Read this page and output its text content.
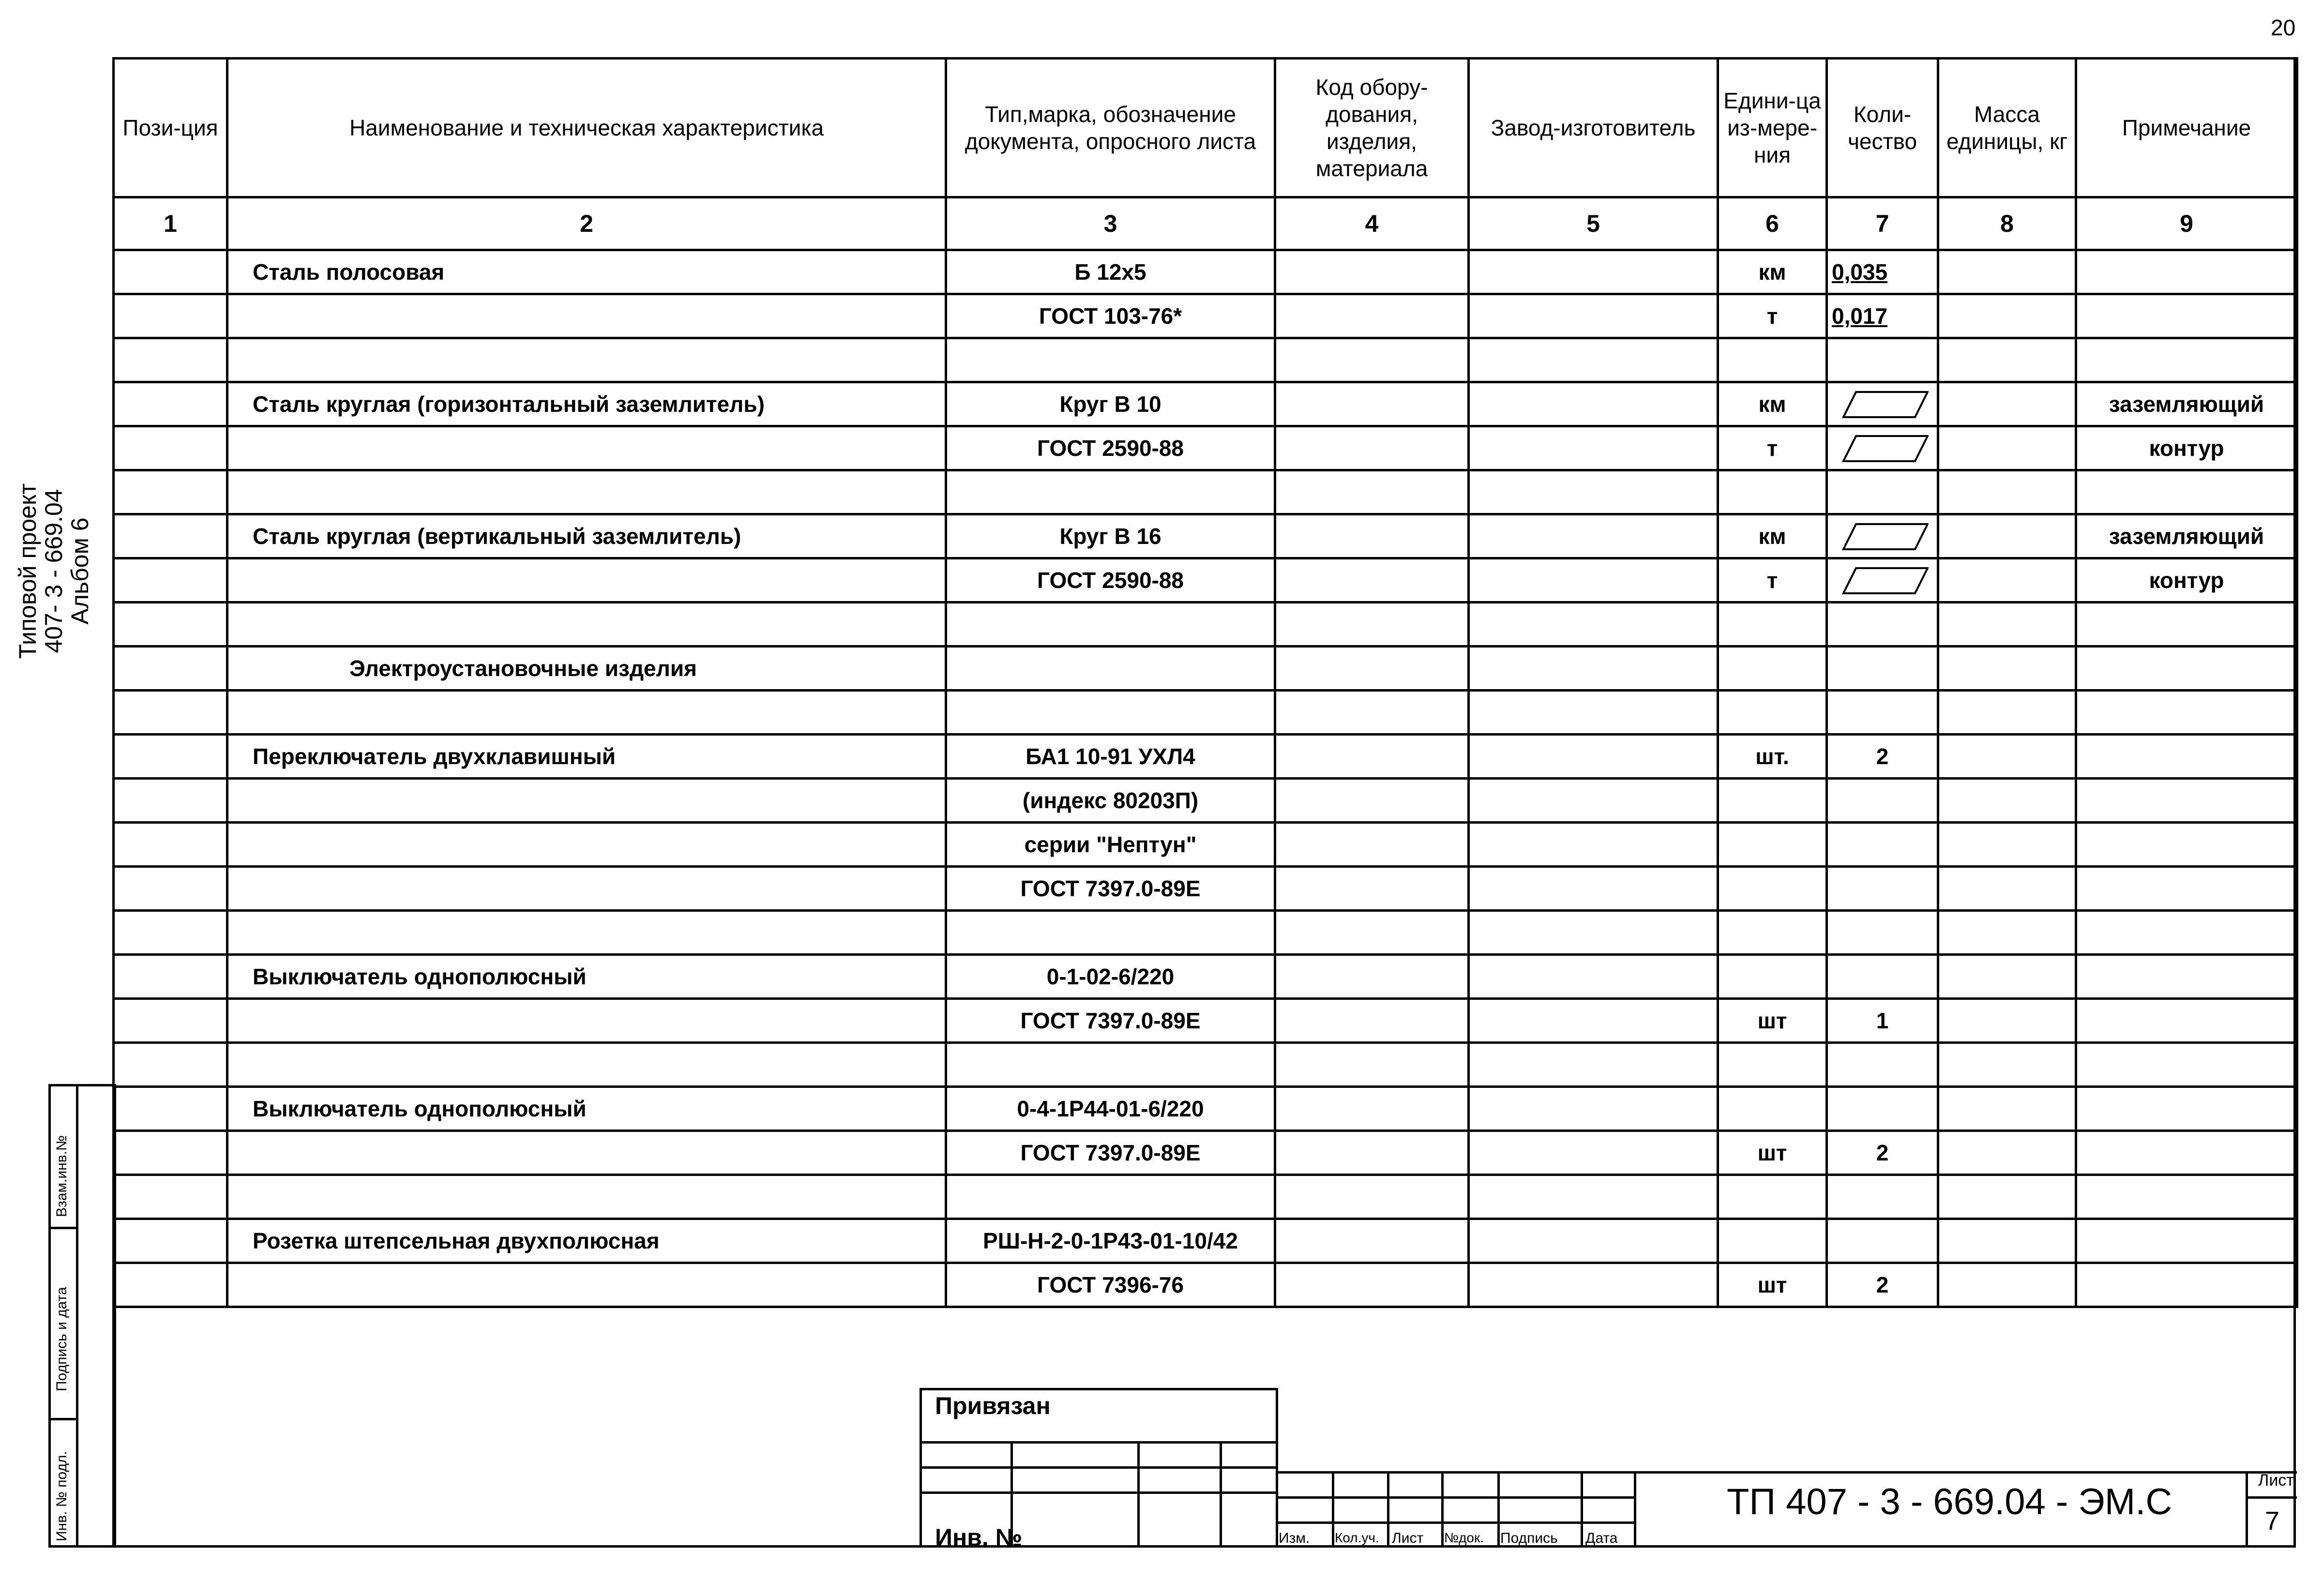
20
Типовой проект
407- 3 - 669.04
Альбом 6
Пози-ция	Наименование и техническая характеристика	Тип,марка, обозначение документа, опросного листа	Код обору-дования, изделия, материала	Завод-изготовитель	Едини-ца из-мере-ния	Коли-чество	Масса единицы, кг	Примечание
1	2	3	4	5	6	7	8	9
	Сталь полосовая	Б 12х5			км	0,035		
		ГОСТ 103-76*			т	0,017		

	Сталь круглая (горизонтальный заземлитель)	Круг В 10			км			заземляющий
		ГОСТ 2590-88			т			контур

	Сталь круглая (вертикальный заземлитель)	Круг В 16			км			заземляющий
		ГОСТ 2590-88			т			контур

	Электроустановочные изделия							

	Переключатель двухклавишный	БА1 10-91 УХЛ4			шт.	2		
		(индекс 80203П)						
		серии "Нептун"						
		ГОСТ 7397.0-89Е						

	Выключатель однополюсный	0-1-02-6/220						
		ГОСТ 7397.0-89Е			шт	1		

	Выключатель однополюсный	0-4-1Р44-01-6/220						
		ГОСТ 7397.0-89Е			шт	2		

	Розетка штепсельная двухполюсная	РШ-Н-2-0-1Р43-01-10/42						
		ГОСТ 7396-76			шт	2		
Взам.инв.№
Подпись и дата
Инв. № подл.
Привязан
Инв. №	Изм. Кол.уч. Лист №док. Подпись Дата
ТП 407 - 3 - 669.04 - ЭМ.С
Лист
7
